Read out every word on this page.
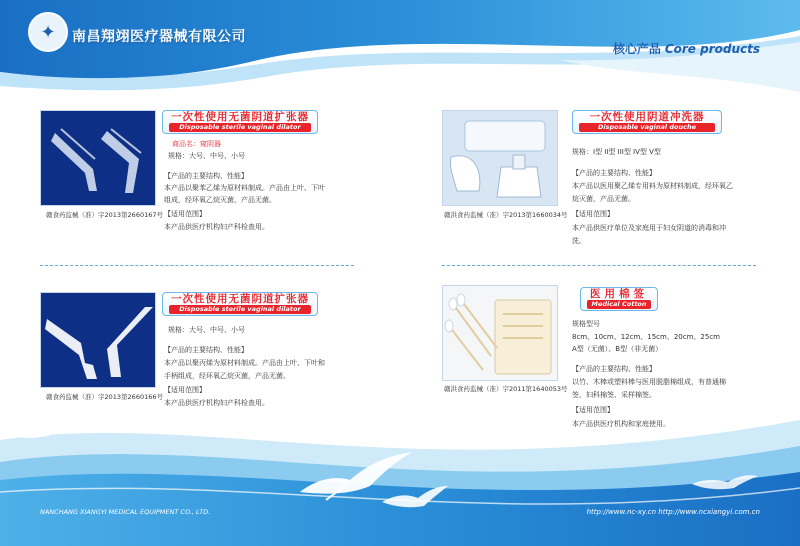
✦ 南昌翔翊医疗器械有限公司
核心产品 Core products
赣食药监械（准）字2013第2660167号
一次性使用无菌阴道扩张器
Disposable sterile vaginal dilator
商品名：窥阴器
规格：大号、中号、小号
【产品的主要结构、性能】
本产品以聚苯乙烯为原材料制成。产品由上叶、下叶
组成，经环氧乙烷灭菌，产品无菌。
【适用范围】
本产品供医疗机构妇产科检查用。
赣洪食药监械（准）字2013第1660034号
一次性使用阴道冲洗器
Disposable vaginal douche
规格：I型 II型 III型 IV型 V型
【产品的主要结构、性能】
本产品以医用聚乙烯专用料为原材料制成，经环氧乙
烷灭菌，产品无菌。
【适用范围】
本产品供医疗单位及家庭用于妇女阴道的消毒和冲
洗。
赣食药监械（准）字2013第2660166号
一次性使用无菌阴道扩张器
Disposable sterile vaginal dilator
规格：大号、中号、小号
【产品的主要结构、性能】
本产品以聚丙烯为原材料制成。产品由上叶、下叶和
手柄组成，经环氧乙烷灭菌，产品无菌。
【适用范围】
本产品供医疗机构妇产科检查用。
赣洪食药监械（准）字2011第1640053号
医用棉签
Medical Cotton
规格型号
8cm、10cm、12cm、15cm、20cm、25cm
A型（无菌）、B型（非无菌）
【产品的主要结构、性能】
以竹、木棒或塑料棒与医用脱脂棉组成，有普通棉
签、妇科棉签、采样棉签。
【适用范围】
本产品供医疗机构和家庭使用。
NANCHANG XIANGYI MEDICAL EQUIPMENT CO., LTD.	http://www.nc-xy.cn http://www.ncxiangyi.com.cn
